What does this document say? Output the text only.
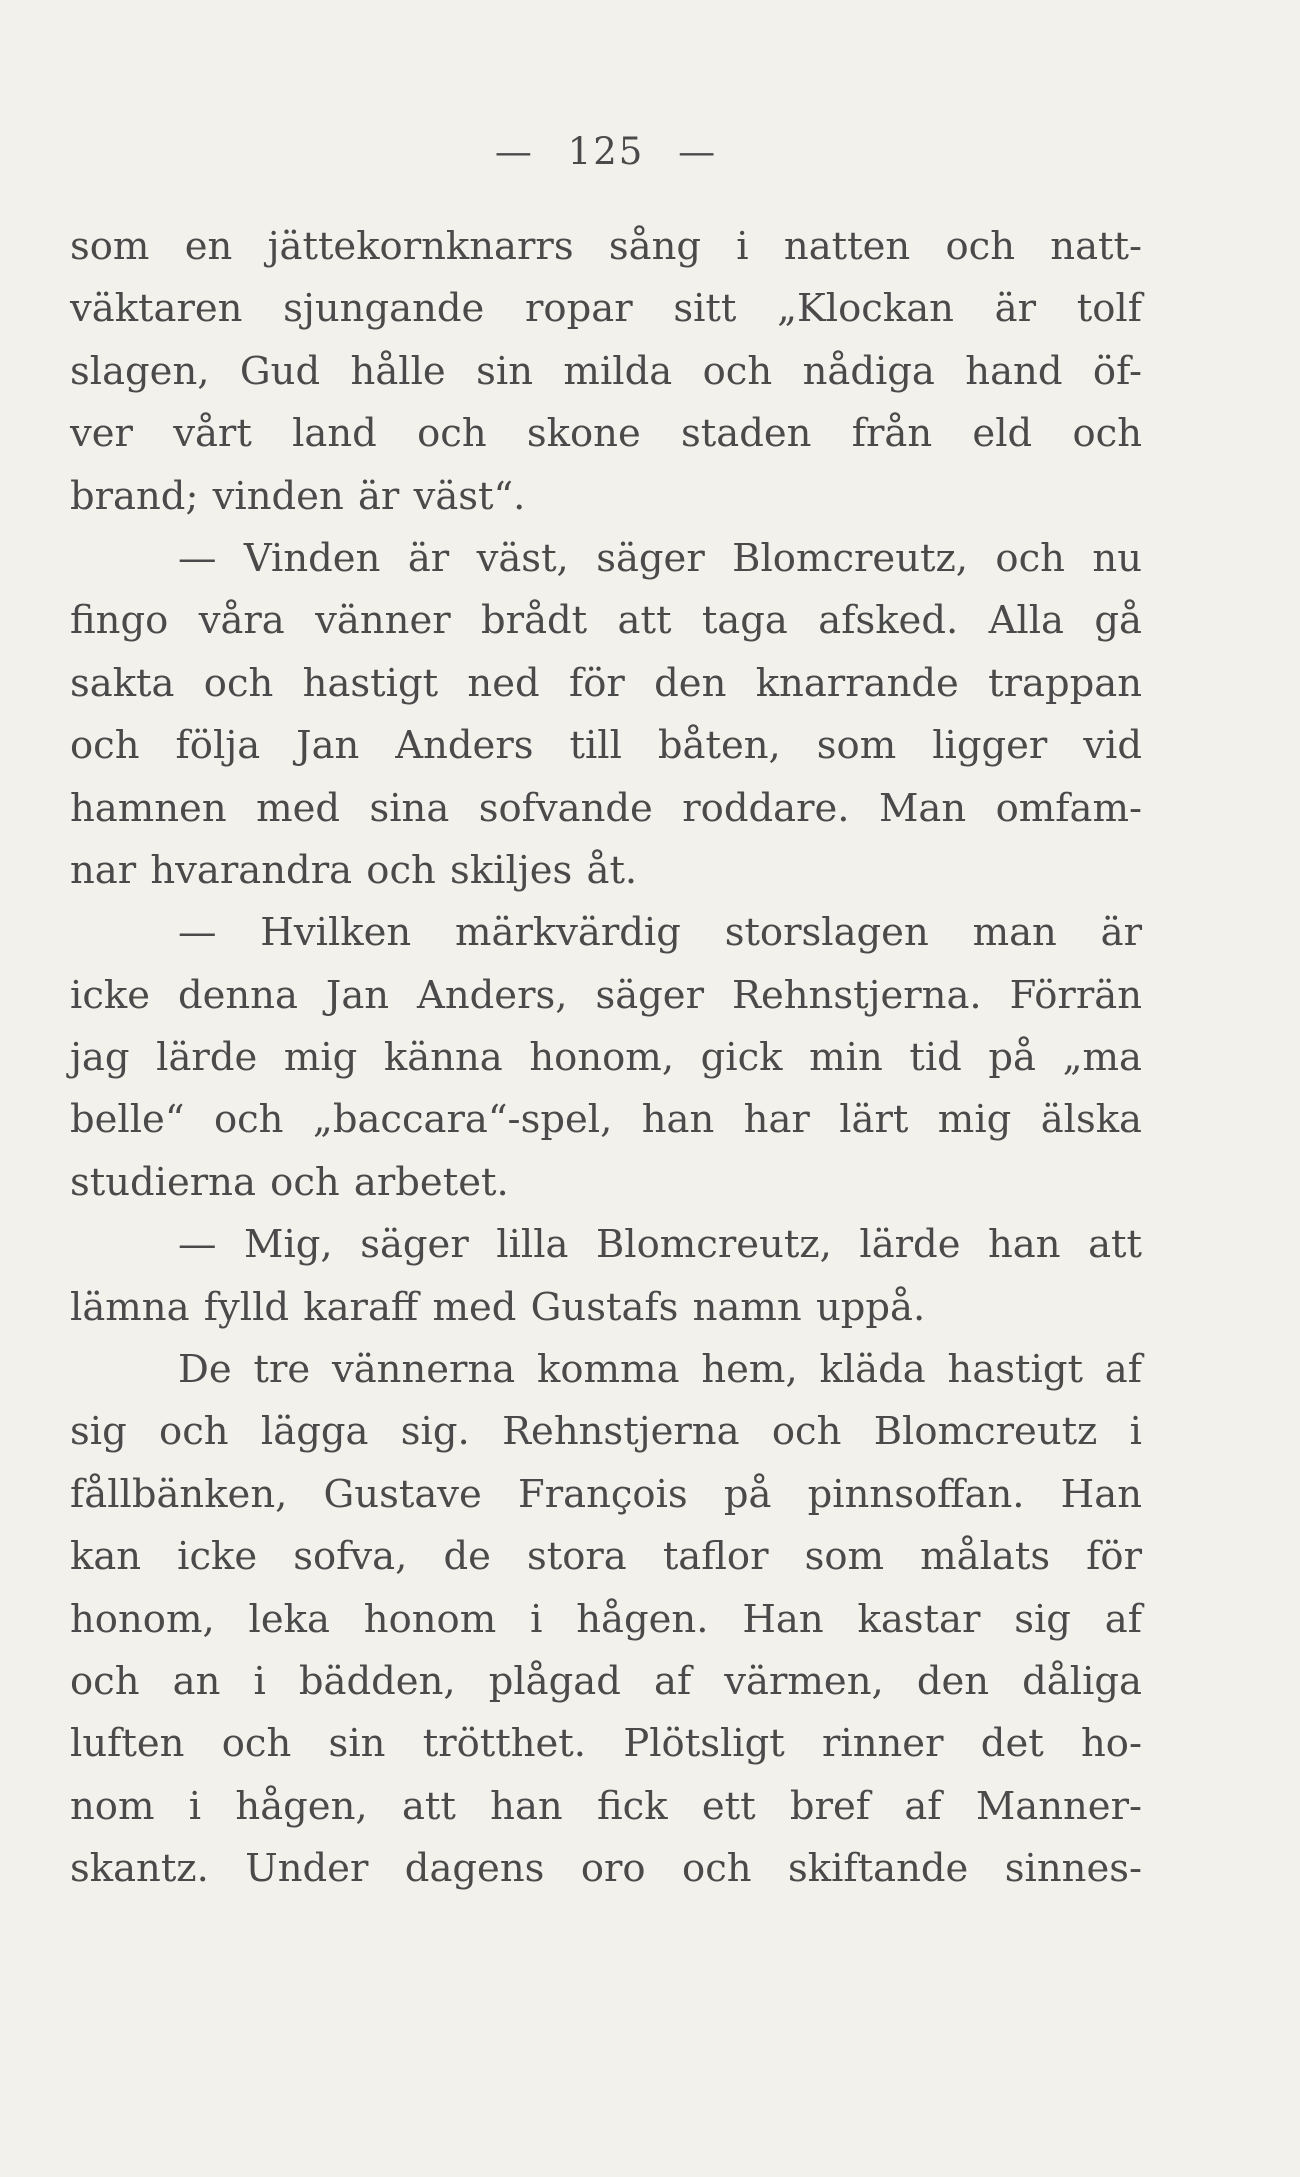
— 125 —
som en jättekornknarrs sång i natten och natt-
väktaren sjungande ropar sitt „Klockan är tolf
slagen, Gud hålle sin milda och nådiga hand öf-
ver vårt land och skone staden från eld och
brand; vinden är väst“.
— Vinden är väst, säger Blomcreutz, och nu
fingo våra vänner brådt att taga afsked. Alla gå
sakta och hastigt ned för den knarrande trappan
och följa Jan Anders till båten, som ligger vid
hamnen med sina sofvande roddare. Man omfam-
nar hvarandra och skiljes åt.
— Hvilken märkvärdig storslagen man är
icke denna Jan Anders, säger Rehnstjerna. Förrän
jag lärde mig känna honom, gick min tid på „ma
belle“ och „baccara“-spel, han har lärt mig älska
studierna och arbetet.
— Mig, säger lilla Blomcreutz, lärde han att
lämna fylld karaff med Gustafs namn uppå.
De tre vännerna komma hem, kläda hastigt af
sig och lägga sig. Rehnstjerna och Blomcreutz i
fållbänken, Gustave François på pinnsoffan. Han
kan icke sofva, de stora taflor som målats för
honom, leka honom i hågen. Han kastar sig af
och an i bädden, plågad af värmen, den dåliga
luften och sin trötthet. Plötsligt rinner det ho-
nom i hågen, att han fick ett bref af Manner-
skantz. Under dagens oro och skiftande sinnes-
